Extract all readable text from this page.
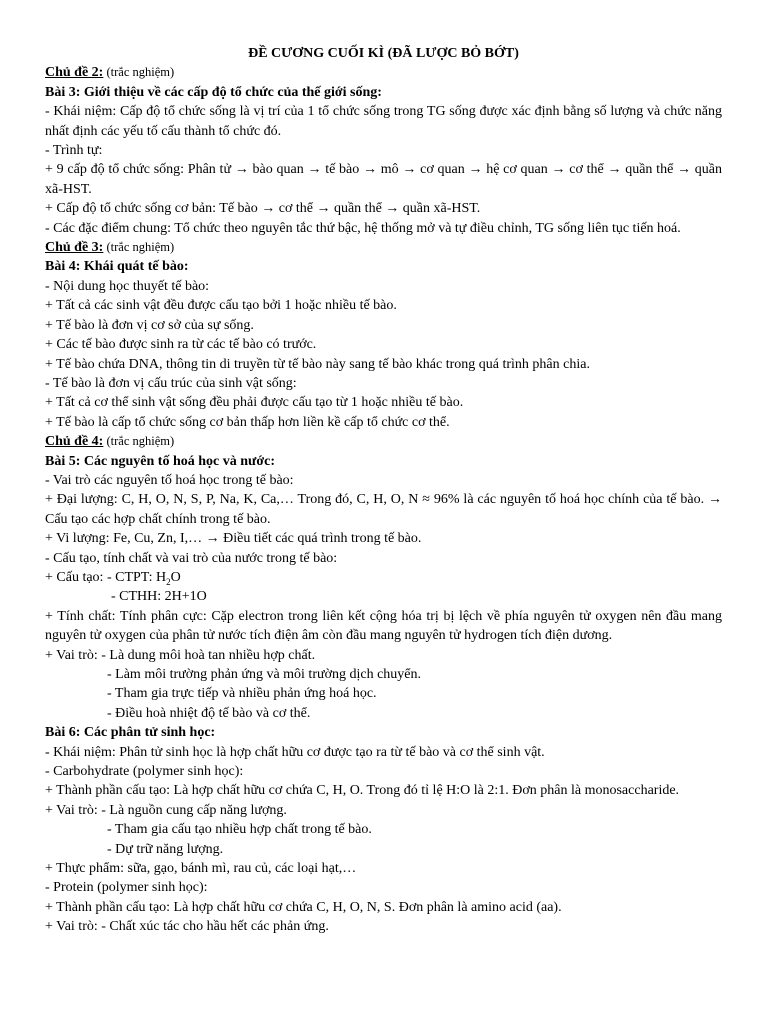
ĐỀ CƯƠNG CUỐI KÌ (ĐÃ LƯỢC BỎ BỚT)

Chủ đề 2: (trắc nghiệm)

Bài 3: Giới thiệu về các cấp độ tổ chức của thế giới sống:

- Khái niệm: Cấp độ tổ chức sống là vị trí của 1 tổ chức sống trong TG sống được xác định bằng số lượng và chức năng nhất định các yếu tố cấu thành tổ chức đó.

- Trình tự:

+ 9 cấp độ tổ chức sống: Phân tử → bào quan → tế bào → mô → cơ quan → hệ cơ quan → cơ thể → quần thể → quần xã-HST.

+ Cấp độ tổ chức sống cơ bản: Tế bào → cơ thể → quần thể → quần xã-HST.

- Các đặc điểm chung: Tổ chức theo nguyên tắc thứ bậc, hệ thống mở và tự điều chỉnh, TG sống liên tục tiến hoá.

Chủ đề 3: (trắc nghiệm)

Bài 4: Khái quát tế bào:

- Nội dung học thuyết tế bào:

+ Tất cả các sinh vật đều được cấu tạo bởi 1 hoặc nhiều tế bào.

+ Tế bào là đơn vị cơ sở của sự sống.

+ Các tế bào được sinh ra từ các tế bào có trước.

+ Tế bào chứa DNA, thông tin di truyền từ tế bào này sang tế bào khác trong quá trình phân chia.

- Tế bào là đơn vị cấu trúc của sinh vật sống:

+ Tất cả cơ thể sinh vật sống đều phải được cấu tạo từ 1 hoặc nhiều tế bào.

+ Tế bào là cấp tổ chức sống cơ bản thấp hơn liền kề cấp tổ chức cơ thể.

Chủ đề 4: (trắc nghiệm)

Bài 5: Các nguyên tố hoá học và nước:

- Vai trò các nguyên tố hoá học trong tế bào:

+ Đại lượng: C, H, O, N, S, P, Na, K, Ca,… Trong đó, C, H, O, N ≈ 96% là các nguyên tố hoá học chính của tế bào. → Cấu tạo các hợp chất chính trong tế bào.

+ Vi lượng: Fe, Cu, Zn, I,… → Điều tiết các quá trình trong tế bào.

- Cấu tạo, tính chất và vai trò của nước trong tế bào:

+ Cấu tạo: - CTPT: $H_2O$

- CTHH: 2H+1O

+ Tính chất: Tính phân cực: Cặp electron trong liên kết cộng hóa trị bị lệch về phía nguyên tử oxygen nên đầu mang nguyên tử oxygen của phân tử nước tích điện âm còn đầu mang nguyên tử hydrogen tích điện dương.

+ Vai trò: - Là dung môi hoà tan nhiều hợp chất.

- Làm môi trường phản ứng và môi trường dịch chuyển.

- Tham gia trực tiếp và nhiều phản ứng hoá học.

- Điều hoà nhiệt độ tế bào và cơ thể.

Bài 6: Các phân tử sinh học:

- Khái niệm: Phân tử sinh học là hợp chất hữu cơ được tạo ra từ tế bào và cơ thể sinh vật.

- Carbohydrate (polymer sinh học):

+ Thành phần cấu tạo: Là hợp chất hữu cơ chứa C, H, O. Trong đó tỉ lệ H:O là 2:1. Đơn phân là monosaccharide.

+ Vai trò: - Là nguồn cung cấp năng lượng.

- Tham gia cấu tạo nhiều hợp chất trong tế bào.

- Dự trữ năng lượng.

+ Thực phẩm: sữa, gạo, bánh mì, rau củ, các loại hạt,…

- Protein (polymer sinh học):

+ Thành phần cấu tạo: Là hợp chất hữu cơ chứa C, H, O, N, S. Đơn phân là amino acid (aa).

+ Vai trò: - Chất xúc tác cho hầu hết các phản ứng.
